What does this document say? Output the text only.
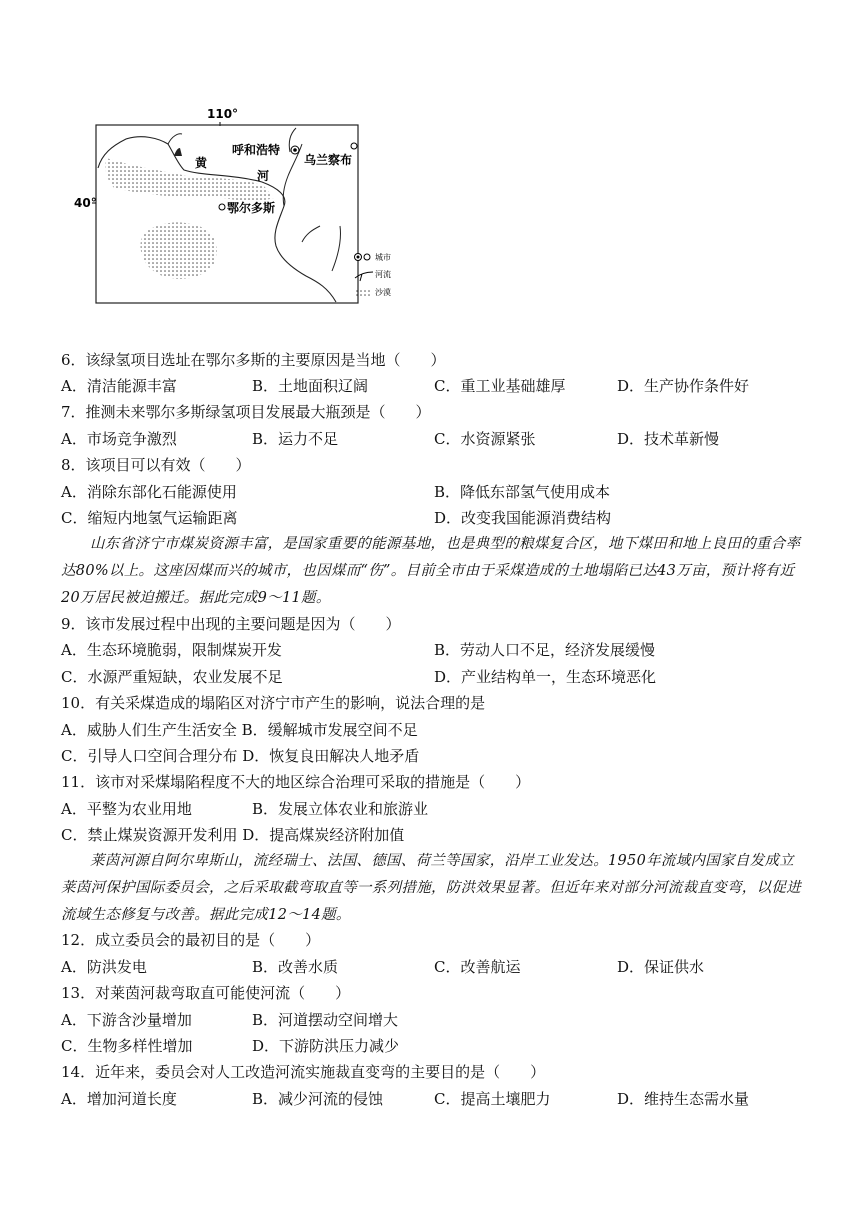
110°
40°
呼和浩特
乌兰察布
鄂尔多斯
黄
河
城市
河流
沙漠
6．该绿氢项目选址在鄂尔多斯的主要原因是当地（　　）
A．清洁能源丰富	B．土地面积辽阔	C．重工业基础雄厚	D．生产协作条件好
7．推测未来鄂尔多斯绿氢项目发展最大瓶颈是（　　）
A．市场竞争激烈	B．运力不足	C．水资源紧张	D．技术革新慢
8．该项目可以有效（　　）
A．消除东部化石能源使用	B．降低东部氢气使用成本
C．缩短内地氢气运输距离	D．改变我国能源消费结构
山东省济宁市煤炭资源丰富，是国家重要的能源基地，也是典型的粮煤复合区，地下煤田和地上良田的重合率达80%以上。这座因煤而兴的城市，也因煤而“伤”。目前全市由于采煤造成的土地塌陷已达43万亩，预计将有近20万居民被迫搬迁。据此完成9～11题。
9．该市发展过程中出现的主要问题是因为（　　）
A．生态环境脆弱，限制煤炭开发	B．劳动人口不足，经济发展缓慢
C．水源严重短缺，农业发展不足	D．产业结构单一，生态环境恶化
10．有关采煤造成的塌陷区对济宁市产生的影响，说法合理的是
A．威胁人们生产生活安全 B．缓解城市发展空间不足
C．引导人口空间合理分布 D．恢复良田解决人地矛盾
11．该市对采煤塌陷程度不大的地区综合治理可采取的措施是（　　）
A．平整为农业用地	B．发展立体农业和旅游业
C．禁止煤炭资源开发利用 D．提高煤炭经济附加值
莱茵河源自阿尔卑斯山，流经瑞士、法国、德国、荷兰等国家，沿岸工业发达。1950年流域内国家自发成立莱茵河保护国际委员会，之后采取截弯取直等一系列措施，防洪效果显著。但近年来对部分河流裁直变弯，以促进流域生态修复与改善。据此完成12～14题。
12．成立委员会的最初目的是（　　）
A．防洪发电	B．改善水质	C．改善航运	D．保证供水
13．对莱茵河裁弯取直可能使河流（　　）
A．下游含沙量增加	B．河道摆动空间增大
C．生物多样性增加	D．下游防洪压力减少
14．近年来，委员会对人工改造河流实施裁直变弯的主要目的是（　　）
A．增加河道长度	B．减少河流的侵蚀	C．提高土壤肥力	D．维持生态需水量
